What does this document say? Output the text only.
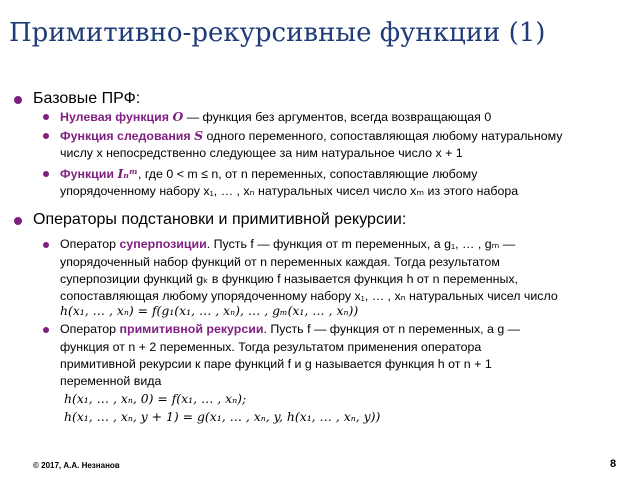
Примитивно-рекурсивные функции (1)
Базовые ПРФ:
Нулевая функция O — функция без аргументов, всегда возвращающая 0
Функция следования S одного переменного, сопоставляющая любому натуральному
числу x непосредственно следующее за ним натуральное число x + 1
Функции Iₙᵐ, где 0 < m ≤ n, от n переменных, сопоставляющие любому
упорядоченному набору x₁, … , xₙ натуральных чисел число xₘ из этого набора
Операторы подстановки и примитивной рекурсии:
Оператор суперпозиции. Пусть f — функция от m переменных, а g₁, … , gₘ —
упорядоченный набор функций от n переменных каждая. Тогда результатом
суперпозиции функций gₖ в функцию f называется функция h от n переменных,
сопоставляющая любому упорядоченному набору x₁, … , xₙ натуральных чисел число
h(x₁, … , xₙ) = f(g₁(x₁, … , xₙ), … , gₘ(x₁, … , xₙ))
Оператор примитивной рекурсии. Пусть f — функция от n переменных, а g —
функция от n + 2 переменных. Тогда результатом применения оператора
примитивной рекурсии к паре функций f и g называется функция h от n + 1
переменной вида
h(x₁, … , xₙ, 0) = f(x₁, … , xₙ);
h(x₁, … , xₙ, y + 1) = g(x₁, … , xₙ, y, h(x₁, … , xₙ, y))
© 2017, А.А. Незнанов	8
